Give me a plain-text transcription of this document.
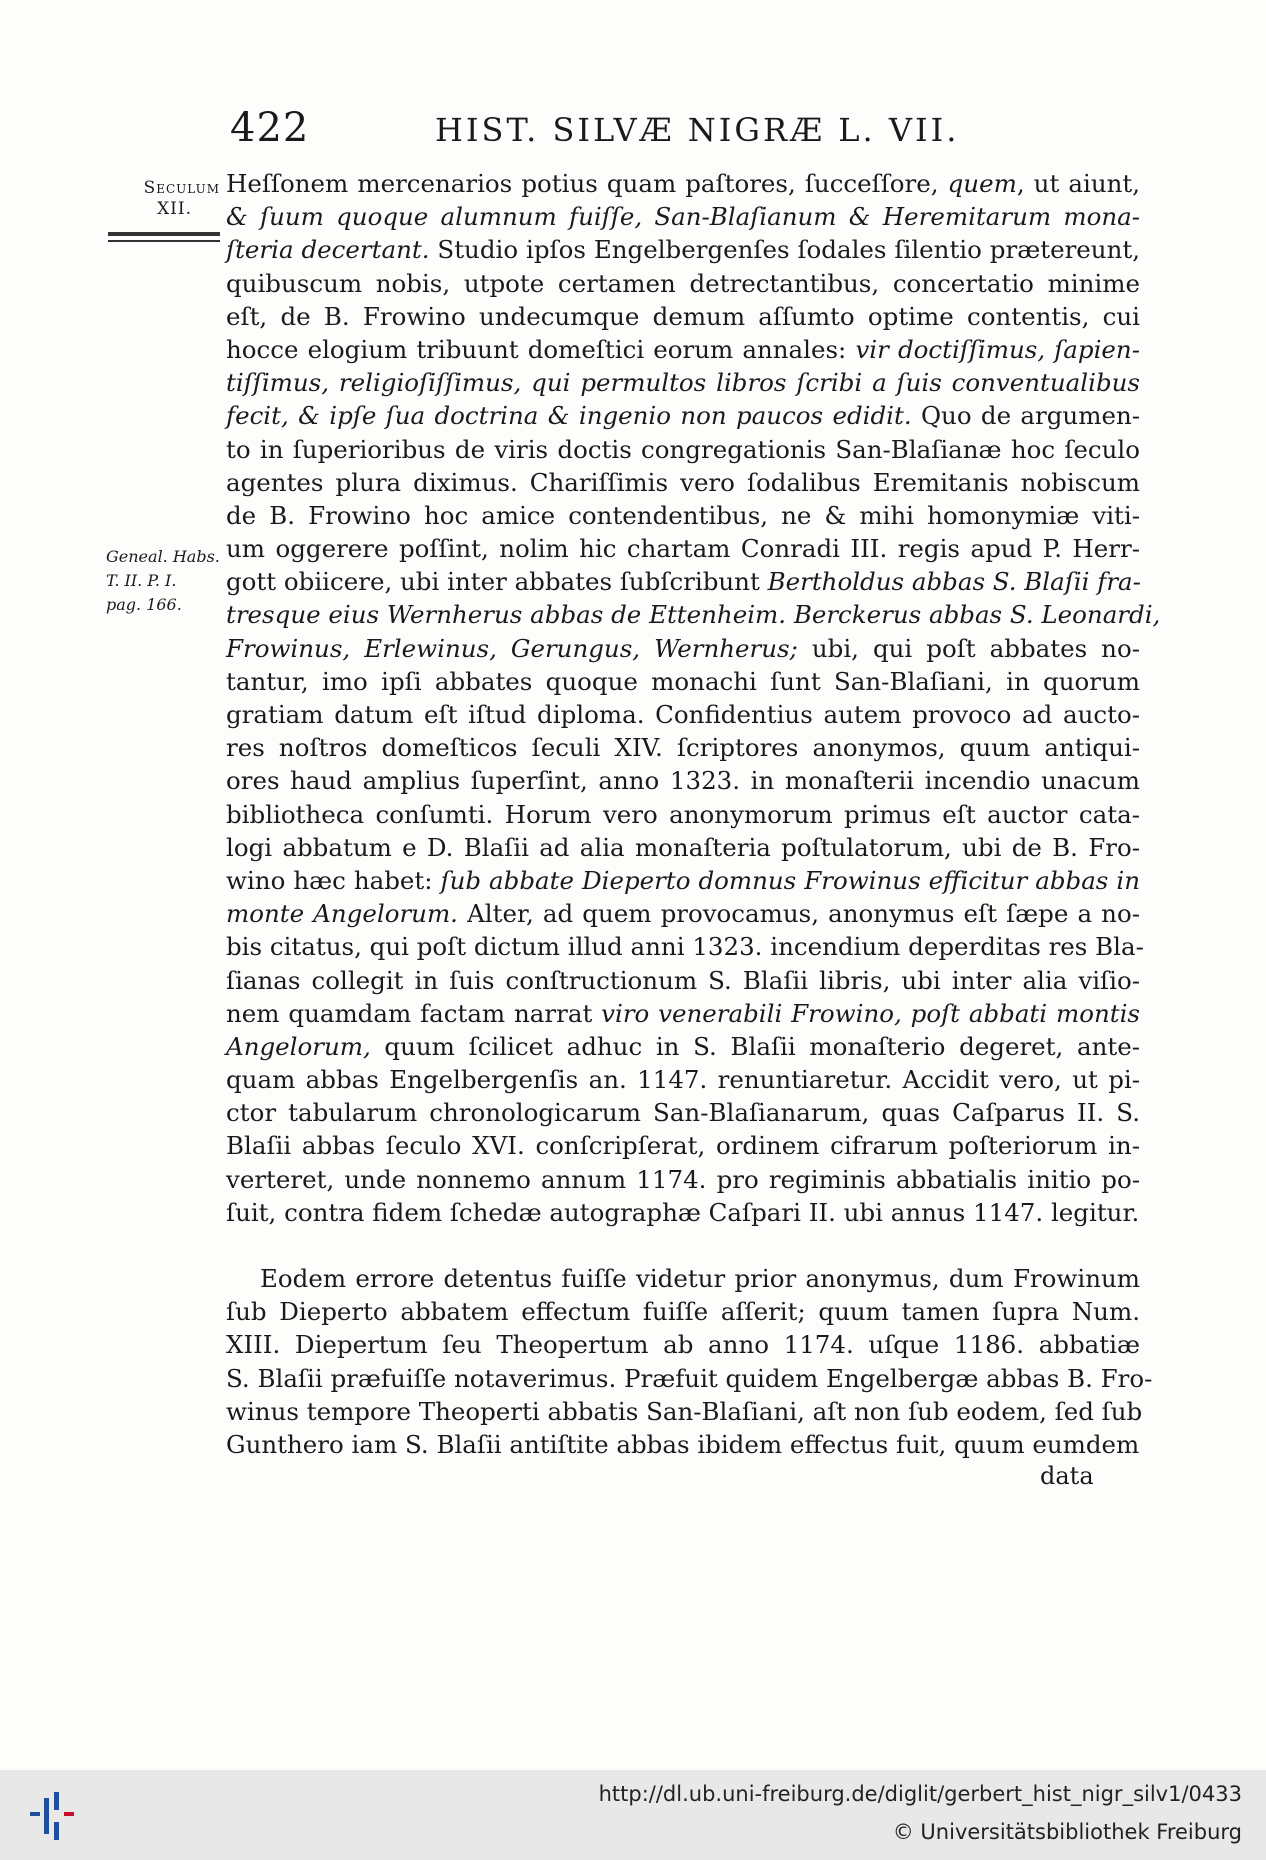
422	HIST. SILVÆ NIGRÆ L. VII.
Seculum
XII.
Geneal. Habs.
T. II. P. I.
pag. 166.
Heſſonem mercenarios potius quam paſtores, ſucceſſore, quem, ut aiunt,
& ſuum quoque alumnum fuiſſe, San-Blaſianum & Heremitarum mona-
ſteria decertant. Studio ipſos Engelbergenſes ſodales ſilentio prætereunt,
quibuscum nobis, utpote certamen detrectantibus, concertatio minime
eſt, de B. Frowino undecumque demum aſſumto optime contentis, cui
hocce elogium tribuunt domeſtici eorum annales: vir doctiſſimus, ſapien-
tiſſimus, religioſiſſimus, qui permultos libros ſcribi a ſuis conventualibus
fecit, & ipſe ſua doctrina & ingenio non paucos edidit. Quo de argumen-
to in ſuperioribus de viris doctis congregationis San-Blaſianæ hoc ſeculo
agentes plura diximus. Chariſſimis vero ſodalibus Eremitanis nobiscum
de B. Frowino hoc amice contendentibus, ne & mihi homonymiæ viti-
um oggerere poſſint, nolim hic chartam Conradi III. regis apud P. Herr-
gott obiicere, ubi inter abbates ſubſcribunt Bertholdus abbas S. Blaſii fra-
tresque eius Wernherus abbas de Ettenheim. Berckerus abbas S. Leonardi,
Frowinus, Erlewinus, Gerungus, Wernherus; ubi, qui poſt abbates no-
tantur, imo ipſi abbates quoque monachi ſunt San-Blaſiani, in quorum
gratiam datum eſt iſtud diploma. Confidentius autem provoco ad aucto-
res noſtros domeſticos ſeculi XIV. ſcriptores anonymos, quum antiqui-
ores haud amplius ſuperſint, anno 1323. in monaſterii incendio unacum
bibliotheca conſumti. Horum vero anonymorum primus eſt auctor cata-
logi abbatum e D. Blaſii ad alia monaſteria poſtulatorum, ubi de B. Fro-
wino hæc habet: ſub abbate Dieperto domnus Frowinus efficitur abbas in
monte Angelorum. Alter, ad quem provocamus, anonymus eſt ſæpe a no-
bis citatus, qui poſt dictum illud anni 1323. incendium deperditas res Bla-
ſianas collegit in ſuis conſtructionum S. Blaſii libris, ubi inter alia viſio-
nem quamdam factam narrat viro venerabili Frowino, poſt abbati montis
Angelorum, quum ſcilicet adhuc in S. Blaſii monaſterio degeret, ante-
quam abbas Engelbergenſis an. 1147. renuntiaretur. Accidit vero, ut pi-
ctor tabularum chronologicarum San-Blaſianarum, quas Caſparus II. S.
Blaſii abbas ſeculo XVI. conſcripſerat, ordinem cifrarum poſteriorum in-
verteret, unde nonnemo annum 1174. pro regiminis abbatialis initio po-
ſuit, contra fidem ſchedæ autographæ Caſpari II. ubi annus 1147. legitur.
Eodem errore detentus fuiſſe videtur prior anonymus, dum Frowinum
ſub Dieperto abbatem effectum fuiſſe aſſerit; quum tamen ſupra Num.
XIII. Diepertum ſeu Theopertum ab anno 1174. uſque 1186. abbatiæ
S. Blaſii præfuiſſe notaverimus. Præfuit quidem Engelbergæ abbas B. Fro-
winus tempore Theoperti abbatis San-Blaſiani, aſt non ſub eodem, ſed ſub
Gunthero iam S. Blaſii antiſtite abbas ibidem effectus fuit, quum eumdem
data
http://dl.ub.uni-freiburg.de/diglit/gerbert_hist_nigr_silv1/0433
© Universitätsbibliothek Freiburg
